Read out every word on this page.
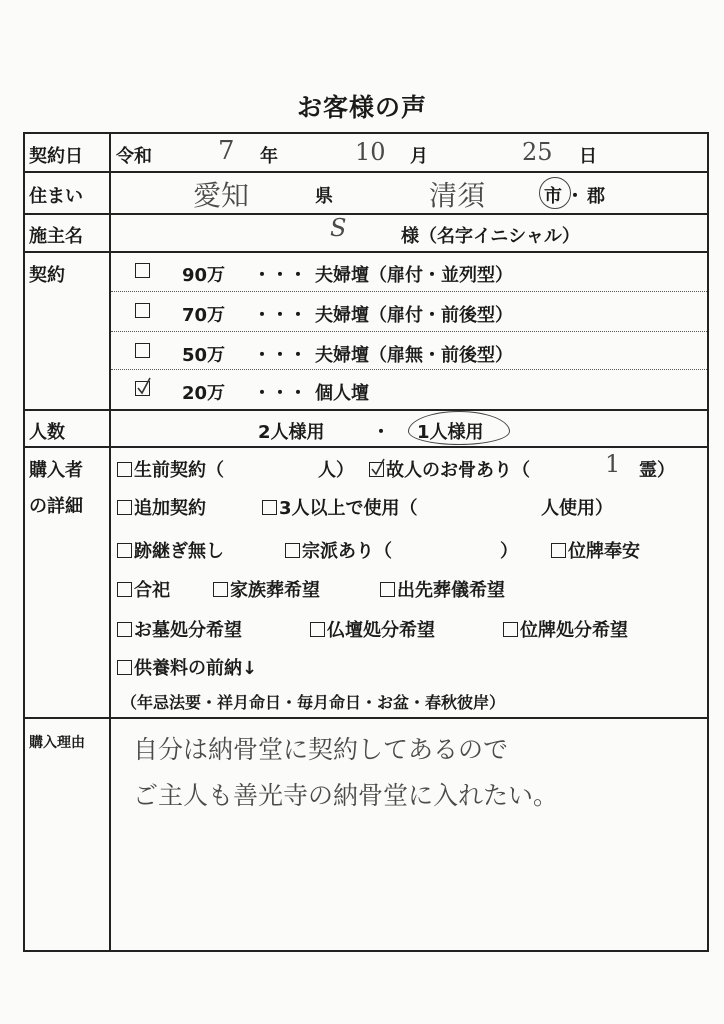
お客様の声
契約日 令和	7 年	10 月	25 日
住まい	愛知	県	清須	市 ・ 郡
施主名	S	様（名字イニシャル）
契約	90万 ・・・ 夫婦壇（扉付・並列型）
70万 ・・・ 夫婦壇（扉付・前後型）
50万 ・・・ 夫婦壇（扉無・前後型）
20万 ・・・ 個人壇
人数	2人様用	・ 1人様用
購入者
の詳細
生前契約（	人）	故人のお骨あり（	1 霊）
追加契約	3人以上で使用（	人使用）
跡継ぎ無し	宗派あり（	）	位牌奉安
合祀	家族葬希望	出先葬儀希望
お墓処分希望	仏壇処分希望	位牌処分希望
供養料の前納↓
（年忌法要・祥月命日・毎月命日・お盆・春秋彼岸）
購入理由 自分は納骨堂に契約してあるので
ご主人も善光寺の納骨堂に入れたい。
